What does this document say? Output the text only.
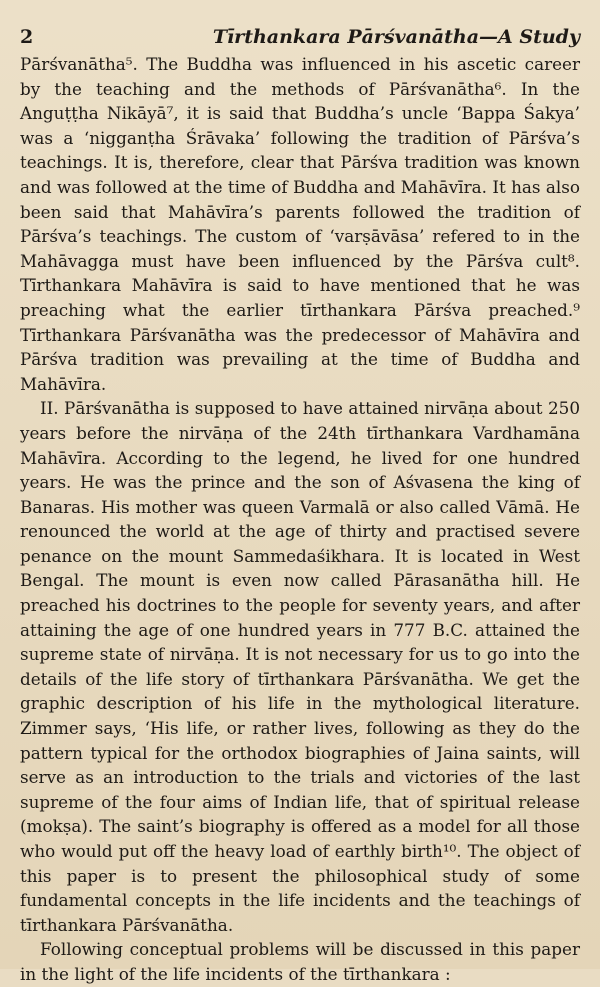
2	Tīrthankara Pārśvanātha—A Study

Pārśvanātha⁵. The Buddha was influenced in his ascetic career by the teaching and the methods of Pārśvanātha⁶. In the Anguṭṭha Nikāyā⁷, it is said that Buddha’s uncle ‘Bappa Śakya’ was a ‘nigganṭha Śrāvaka’ following the tradition of Pārśva’s teachings. It is, therefore, clear that Pārśva tradition was known and was followed at the time of Buddha and Mahāvīra. It has also been said that Mahāvīra’s parents followed the tradition of Pārśva’s teachings. The custom of ‘varṣāvāsa’ refered to in the Mahāvagga must have been influenced by the Pārśva cult⁸. Tīrthankara Mahāvīra is said to have mentioned that he was preaching what the earlier tīrthankara Pārśva preached.⁹ Tīrthankara Pārśvanātha was the predecessor of Mahāvīra and Pārśva tradition was prevailing at the time of Buddha and Mahāvīra.

II. Pārśvanātha is supposed to have attained nirvāṇa about 250 years before the nirvāṇa of the 24th tīrthankara Vardhamāna Mahāvīra. According to the legend, he lived for one hundred years. He was the prince and the son of Aśvasena the king of Banaras. His mother was queen Varmalā or also called Vāmā. He renounced the world at the age of thirty and practised severe penance on the mount Sammedaśikhara. It is located in West Bengal. The mount is even now called Pārasanātha hill. He preached his doctrines to the people for seventy years, and after attaining the age of one hundred years in 777 B.C. attained the supreme state of nirvāṇa. It is not necessary for us to go into the details of the life story of tīrthankara Pārśvanātha. We get the graphic description of his life in the mythological literature. Zimmer says, ‘His life, or rather lives, following as they do the pattern typical for the orthodox biographies of Jaina saints, will serve as an introduction to the trials and victories of the last supreme of the four aims of Indian life, that of spiritual release (mokṣa). The saint’s biography is offered as a model for all those who would put off the heavy load of earthly birth¹⁰. The object of this paper is to present the philosophical study of some fundamental concepts in the life incidents and the teachings of tīrthankara Pārśvanātha.

Following conceptual problems will be discussed in this paper in the light of the life incidents of the tīrthankara :
